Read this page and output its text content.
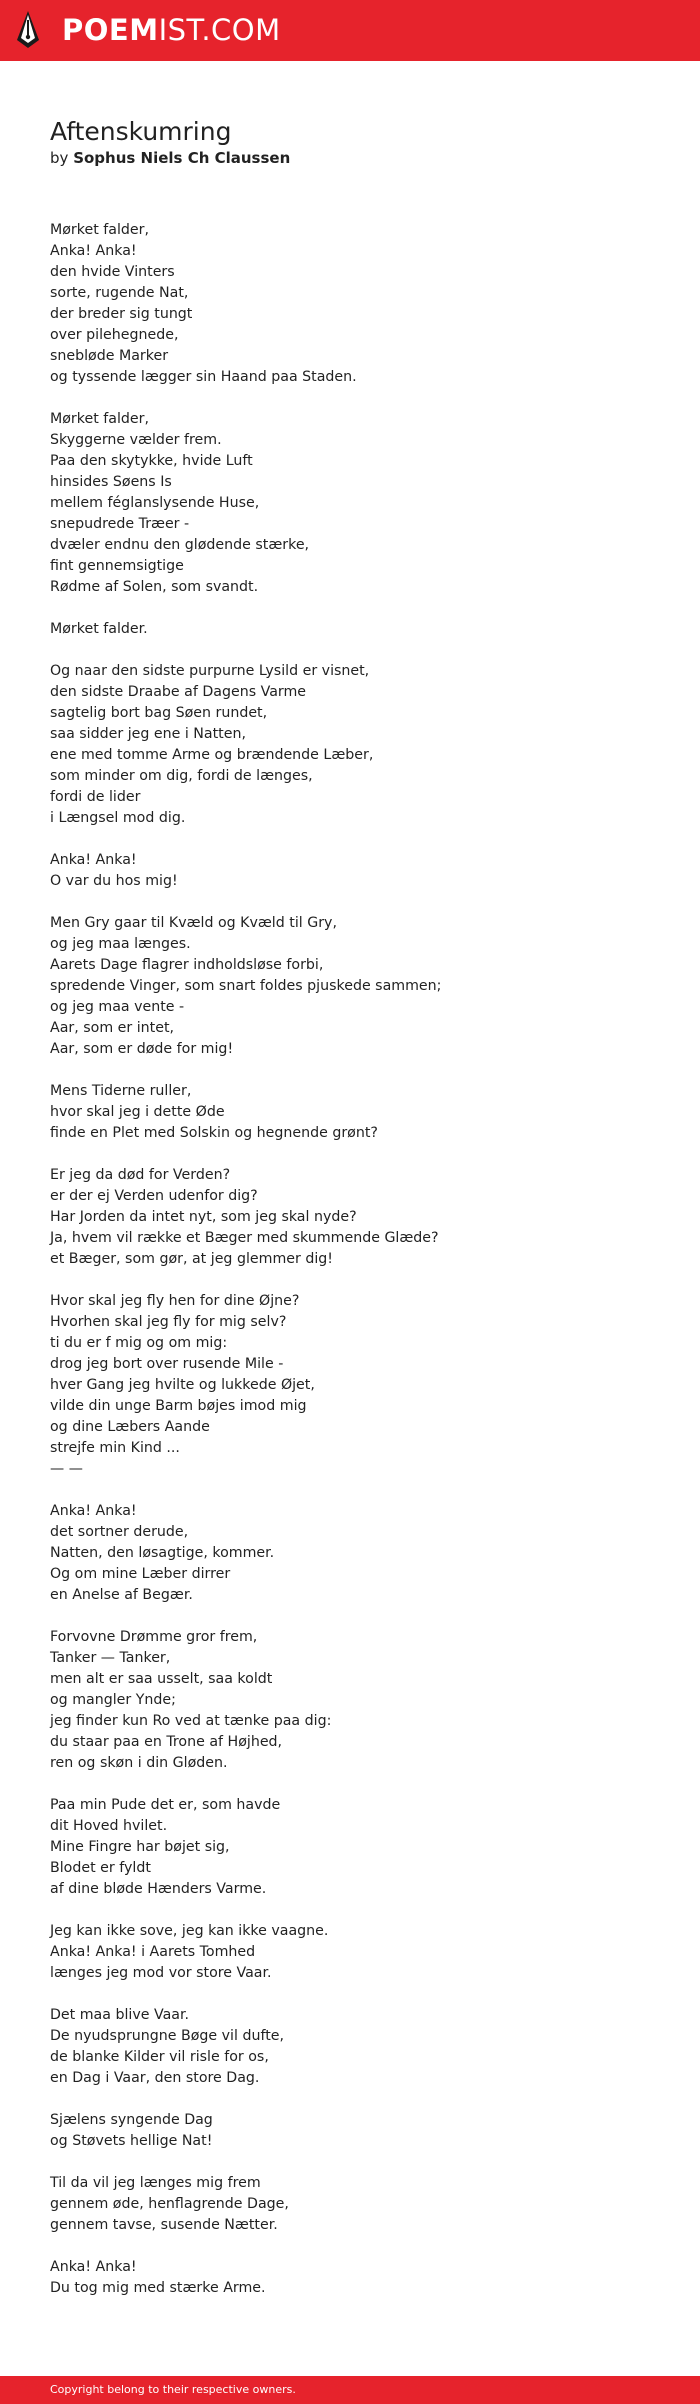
POEMIST.COM
Aftenskumring
by Sophus Niels Ch Claussen
Mørket falder,
Anka! Anka!
den hvide Vinters
sorte, rugende Nat,
der breder sig tungt
over pilehegnede,
snebløde Marker
og tyssende lægger sin Haand paa Staden.
Mørket falder,
Skyggerne vælder frem.
Paa den skytykke, hvide Luft
hinsides Søens Is
mellem féglanslysende Huse,
snepudrede Træer -
dvæler endnu den glødende stærke,
fint gennemsigtige
Rødme af Solen, som svandt.
Mørket falder.
Og naar den sidste purpurne Lysild er visnet,
den sidste Draabe af Dagens Varme
sagtelig bort bag Søen rundet,
saa sidder jeg ene i Natten,
ene med tomme Arme og brændende Læber,
som minder om dig, fordi de længes,
fordi de lider
i Længsel mod dig.
Anka! Anka!
O var du hos mig!
Men Gry gaar til Kvæld og Kvæld til Gry,
og jeg maa længes.
Aarets Dage flagrer indholdsløse forbi,
spredende Vinger, som snart foldes pjuskede sammen;
og jeg maa vente -
Aar, som er intet,
Aar, som er døde for mig!
Mens Tiderne ruller,
hvor skal jeg i dette Øde
finde en Plet med Solskin og hegnende grønt?
Er jeg da død for Verden?
er der ej Verden udenfor dig?
Har Jorden da intet nyt, som jeg skal nyde?
Ja, hvem vil række et Bæger med skummende Glæde?
et Bæger, som gør, at jeg glemmer dig!
Hvor skal jeg fly hen for dine Øjne?
Hvorhen skal jeg fly for mig selv?
ti du er f mig og om mig:
drog jeg bort over rusende Mile -
hver Gang jeg hvilte og lukkede Øjet,
vilde din unge Barm bøjes imod mig
og dine Læbers Aande
strejfe min Kind ...
— —
Anka! Anka!
det sortner derude,
Natten, den løsagtige, kommer.
Og om mine Læber dirrer
en Anelse af Begær.
Forvovne Drømme gror frem,
Tanker — Tanker,
men alt er saa usselt, saa koldt
og mangler Ynde;
jeg finder kun Ro ved at tænke paa dig:
du staar paa en Trone af Højhed,
ren og skøn i din Gløden.
Paa min Pude det er, som havde
dit Hoved hvilet.
Mine Fingre har bøjet sig,
Blodet er fyldt
af dine bløde Hænders Varme.
Jeg kan ikke sove, jeg kan ikke vaagne.
Anka! Anka! i Aarets Tomhed
længes jeg mod vor store Vaar.
Det maa blive Vaar.
De nyudsprungne Bøge vil dufte,
de blanke Kilder vil risle for os,
en Dag i Vaar, den store Dag.
Sjælens syngende Dag
og Støvets hellige Nat!
Til da vil jeg længes mig frem
gennem øde, henflagrende Dage,
gennem tavse, susende Nætter.
Anka! Anka!
Du tog mig med stærke Arme.
Copyright belong to their respective owners.
